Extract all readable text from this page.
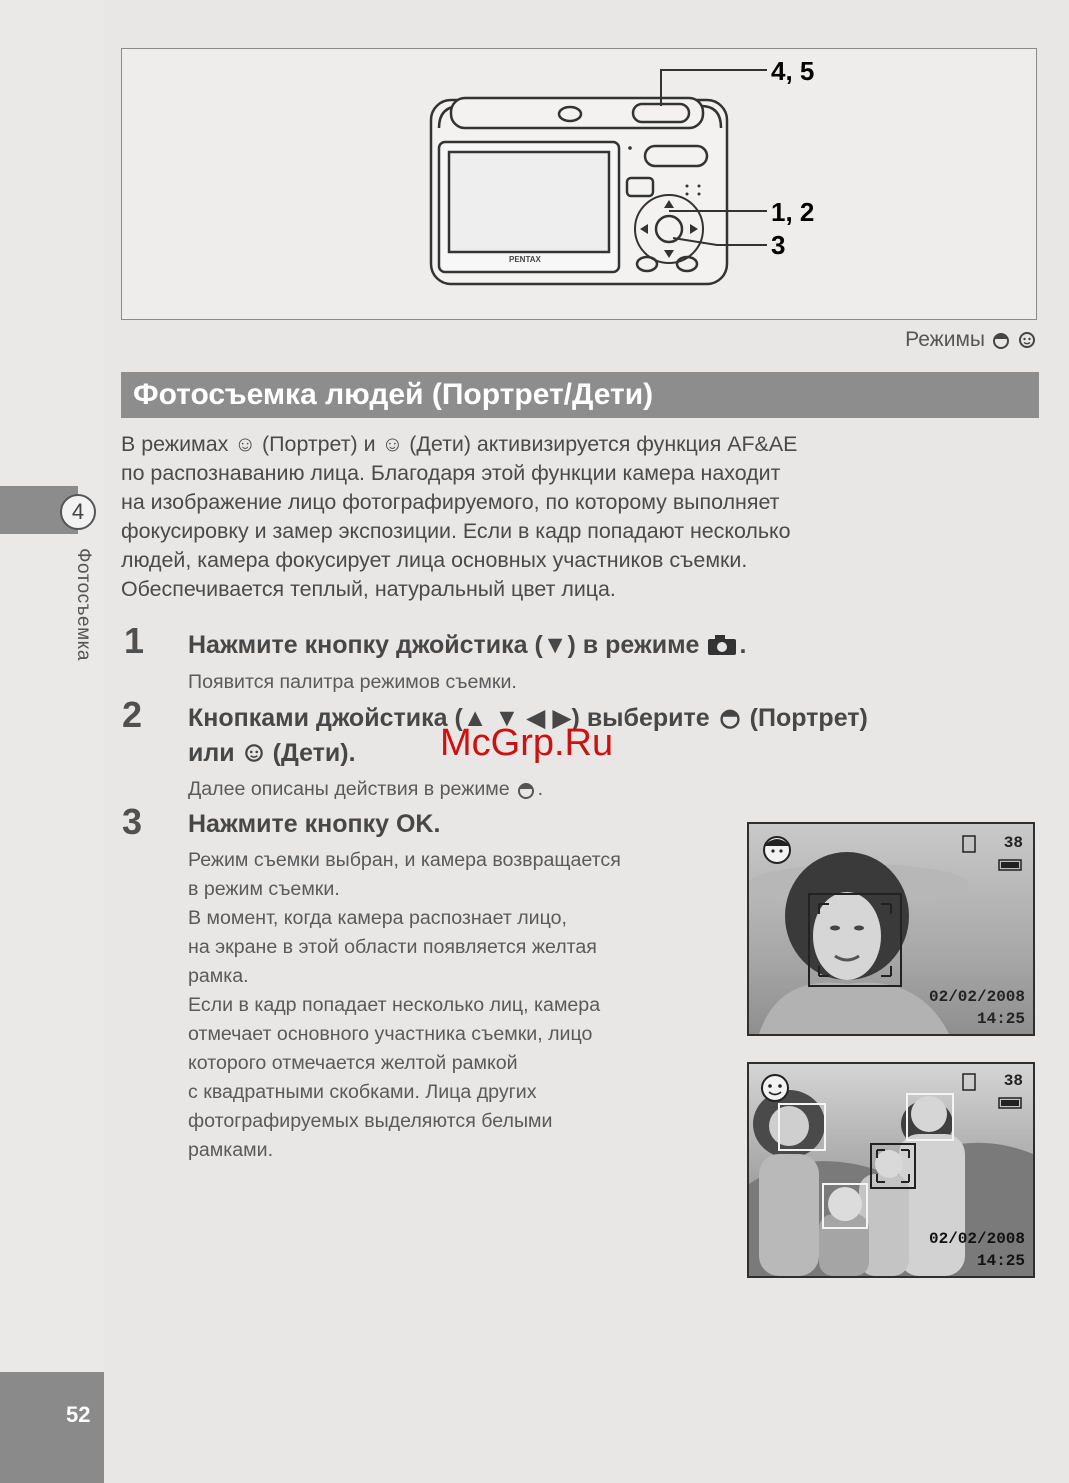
4
Фотосъемка
52
PENTAX
4, 5
1, 2
3
Режимы
Фотосъемка людей (Портрет/Дети)

В режимах ☺ (Портрет) и ☺ (Дети) активизируется функция AF&AE

по распознаванию лица. Благодаря этой функции камера находит

на изображение лицо фотографируемого, по которому выполняет

фокусировку и замер экспозиции. Если в кадр попадают несколько

людей, камера фокусирует лица основных участников съемки.

Обеспечивается теплый, натуральный цвет лица.

1 Нажмите кнопку джойстика (▼) в режиме .
Появится палитра режимов съемки.
2 Кнопками джойстика (▲ ▼ ◀ ▶) выберите (Портрет)
или (Дети).
Далее описаны действия в режиме .
McGrp.Ru
3 Нажмите кнопку OK.
Режим съемки выбран, и камера возвращается
в режим съемки.
В момент, когда камера распознает лицо,
на экране в этой области появляется желтая
рамка.
Если в кадр попадает несколько лиц, камера
отмечает основного участника съемки, лицо
которого отмечается желтой рамкой
с квадратными скобками. Лица других
фотографируемых выделяются белыми
рамками.
38
02/02/2008
14:25
38
02/02/2008
14:25
